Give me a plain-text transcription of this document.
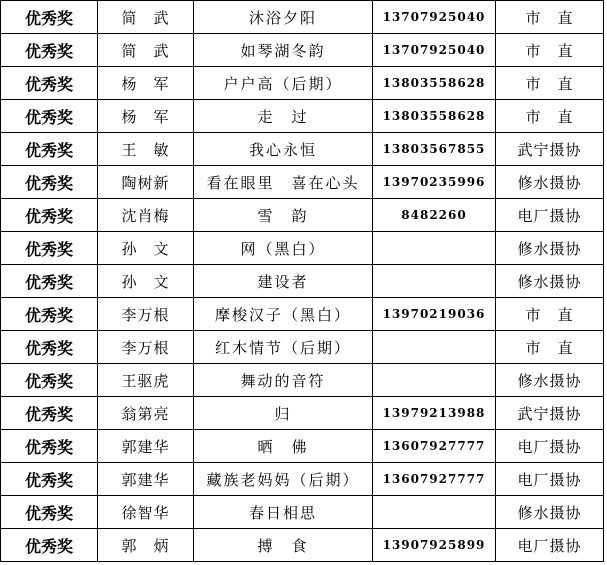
优秀奖	简　武	沐浴夕阳	13707925040	市　直
优秀奖	简　武	如琴湖冬韵	13707925040	市　直
优秀奖	杨　军	户户高（后期）	13803558628	市　直
优秀奖	杨　军	走　过	13803558628	市　直
优秀奖	王　敏	我心永恒	13803567855	武宁摄协
优秀奖	陶树新	看在眼里　喜在心头	13970235996	修水摄协
优秀奖	沈肖梅	雪　韵	8482260	电厂摄协
优秀奖	孙　文	网（黑白）		修水摄协
优秀奖	孙　文	建设者		修水摄协
优秀奖	李万根	摩梭汉子（黑白）	13970219036	市　直
优秀奖	李万根	红木情节（后期）		市　直
优秀奖	王驱虎	舞动的音符		修水摄协
优秀奖	翁第亮	归	13979213988	武宁摄协
优秀奖	郭建华	晒　佛	13607927777	电厂摄协
优秀奖	郭建华	藏族老妈妈（后期）	13607927777	电厂摄协
优秀奖	徐智华	春日相思		修水摄协
优秀奖	郭　炳	搏　食	13907925899	电厂摄协
